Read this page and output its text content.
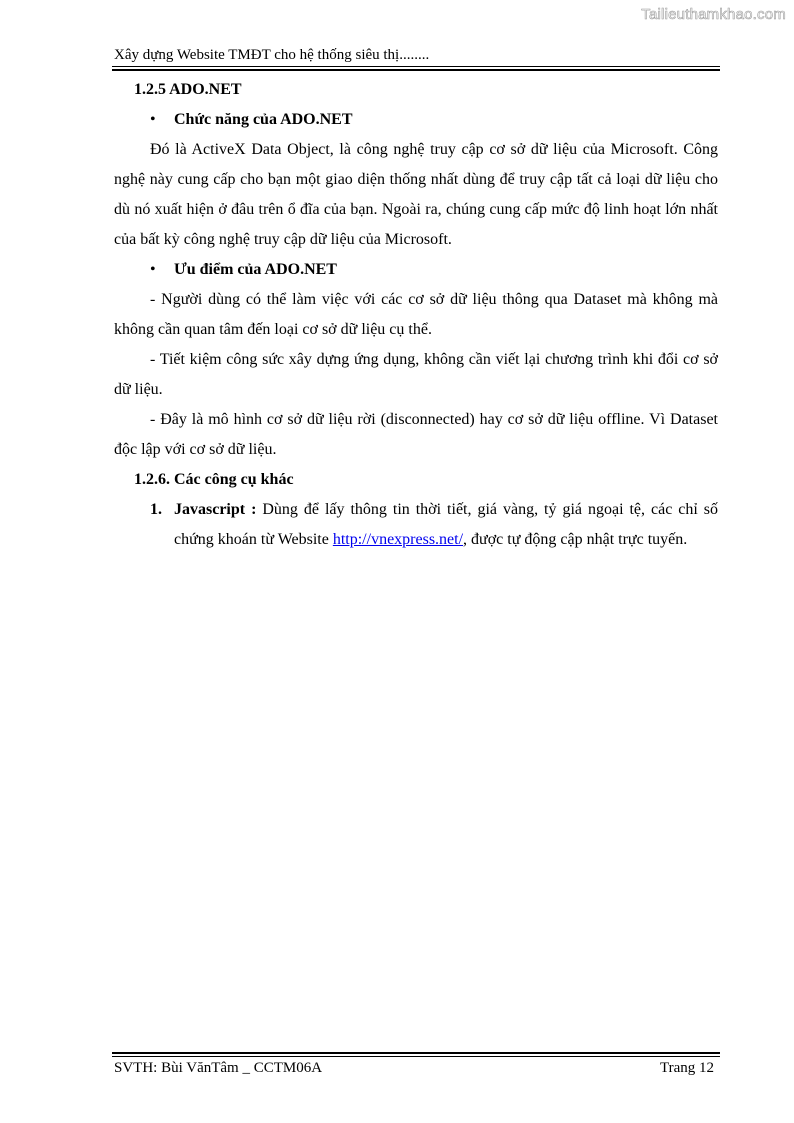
Tailieuthamkhao.com
Xây dựng Website TMĐT cho hệ thống siêu thị........

1.2.5 ADO.NET

• Chức năng của ADO.NET

Đó là ActiveX Data Object, là công nghệ truy cập cơ sở dữ liệu của Microsoft. Công nghệ này cung cấp cho bạn một giao diện thống nhất dùng để truy cập tất cả loại dữ liệu cho dù nó xuất hiện ở đâu trên ổ đĩa của bạn. Ngoài ra, chúng cung cấp mức độ linh hoạt lớn nhất của bất kỳ công nghệ truy cập dữ liệu của Microsoft.

• Ưu điểm của ADO.NET

- Người dùng có thể làm việc với các cơ sở dữ liệu thông qua Dataset mà không mà không cần quan tâm đến loại cơ sở dữ liệu cụ thể.

- Tiết kiệm công sức xây dựng ứng dụng, không cần viết lại chương trình khi đổi cơ sở dữ liệu.

- Đây là mô hình cơ sở dữ liệu rời (disconnected) hay cơ sở dữ liệu offline. Vì Dataset độc lập với cơ sở dữ liệu.

1.2.6. Các công cụ khác

1. Javascript : Dùng để lấy thông tin thời tiết, giá vàng, tỷ giá ngoại tệ, các chỉ số chứng khoán từ Website http://vnexpress.net/, được tự động cập nhật trực tuyến.

SVTH: Bùi VănTâm _ CCTM06A	Trang 12
